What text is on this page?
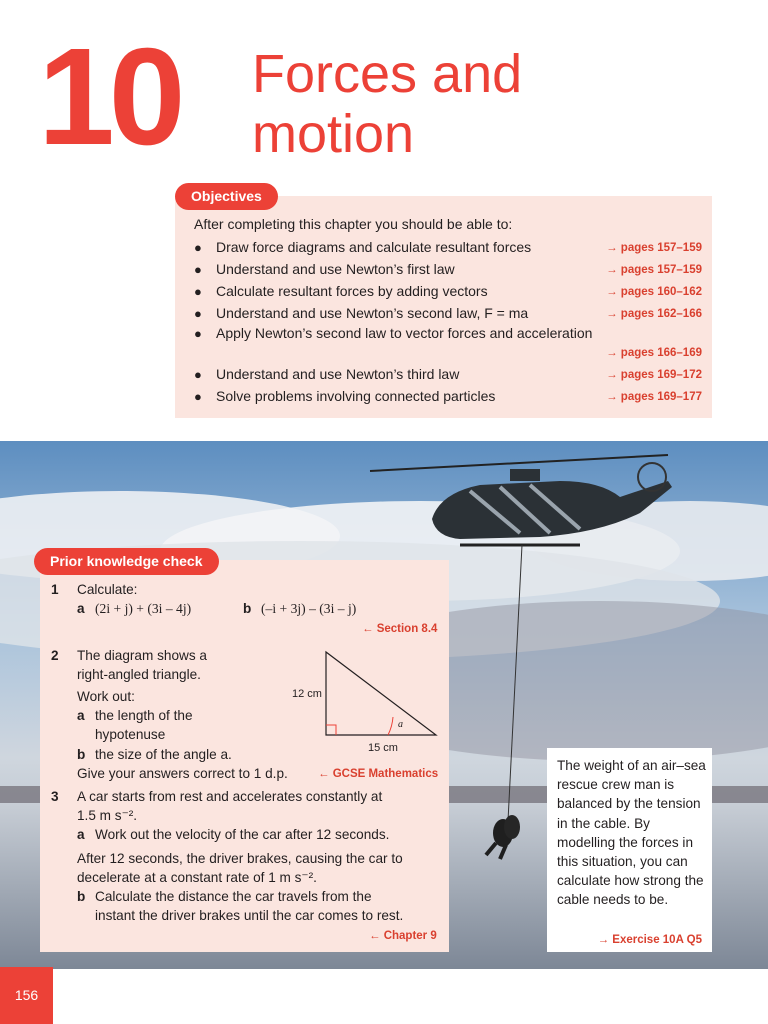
10 Forces and
motion
Objectives
After completing this chapter you should be able to:
● Draw force diagrams and calculate resultant forces	→ pages 157–159
● Understand and use Newton’s first law	→ pages 157–159
● Calculate resultant forces by adding vectors	→ pages 160–162
● Understand and use Newton’s second law, F = ma	→ pages 162–166
● Apply Newton’s second law to vector forces and acceleration
→ pages 166–169
● Understand and use Newton’s third law	→ pages 169–172
● Solve problems involving connected particles	→ pages 169–177
Prior knowledge check
1 Calculate:
a (2i + j) + (3i – 4j)	b (–i + 3j) – (3i – j)
← Section 8.4
2 The diagram shows a
right-angled triangle.
Work out:
a the length of the
hypotenuse
b the size of the angle a.
Give your answers correct to 1 d.p.	← GCSE Mathematics
12 cm
15 cm
a
3 A car starts from rest and accelerates constantly at
1.5 m s⁻².
a Work out the velocity of the car after 12 seconds.
After 12 seconds, the driver brakes, causing the car to
decelerate at a constant rate of 1 m s⁻².
b Calculate the distance the car travels from the
instant the driver brakes until the car comes to rest.
← Chapter 9
The weight of an air–sea rescue crew man is balanced by the tension in the cable. By modelling the forces in this situation, you can calculate how strong the cable needs to be.
→ Exercise 10A Q5
156
